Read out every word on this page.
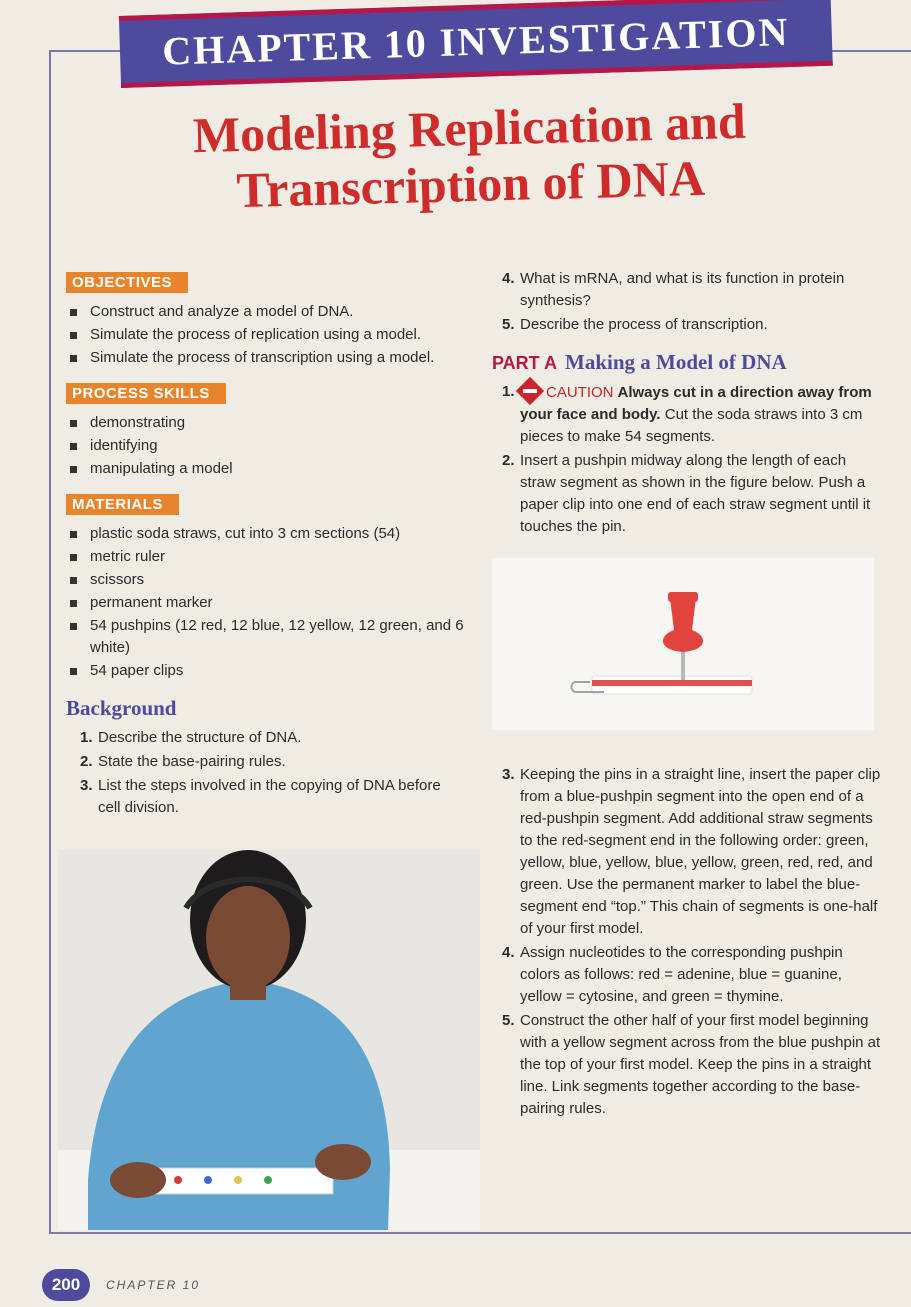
CHAPTER 10 INVESTIGATION
Modeling Replication and
Transcription of DNA
OBJECTIVES
Construct and analyze a model of DNA.
Simulate the process of replication using a model.
Simulate the process of transcription using a model.
PROCESS SKILLS
demonstrating
identifying
manipulating a model
MATERIALS
plastic soda straws, cut into 3 cm sections (54)
metric ruler
scissors
permanent marker
54 pushpins (12 red, 12 blue, 12 yellow, 12 green, and 6 white)
54 paper clips
Background
1. Describe the structure of DNA.
2. State the base-pairing rules.
3. List the steps involved in the copying of DNA before cell division.
4. What is mRNA, and what is its function in protein synthesis?
5. Describe the process of transcription.
PART A Making a Model of DNA
1. CAUTION Always cut in a direction away from your face and body. Cut the soda straws into 3 cm pieces to make 54 segments.
2. Insert a pushpin midway along the length of each straw segment as shown in the figure below. Push a paper clip into one end of each straw segment until it touches the pin.
3. Keeping the pins in a straight line, insert the paper clip from a blue-pushpin segment into the open end of a red-pushpin segment. Add additional straw segments to the red-segment end in the following order: green, yellow, blue, yellow, blue, yellow, green, red, red, and green. Use the permanent marker to label the blue-segment end “top.” This chain of segments is one-half of your first model.
4. Assign nucleotides to the corresponding pushpin colors as follows: red = adenine, blue = guanine, yellow = cytosine, and green = thymine.
5. Construct the other half of your first model beginning with a yellow segment across from the blue pushpin at the top of your first model. Keep the pins in a straight line. Link segments together according to the base-pairing rules.
200	CHAPTER 10
